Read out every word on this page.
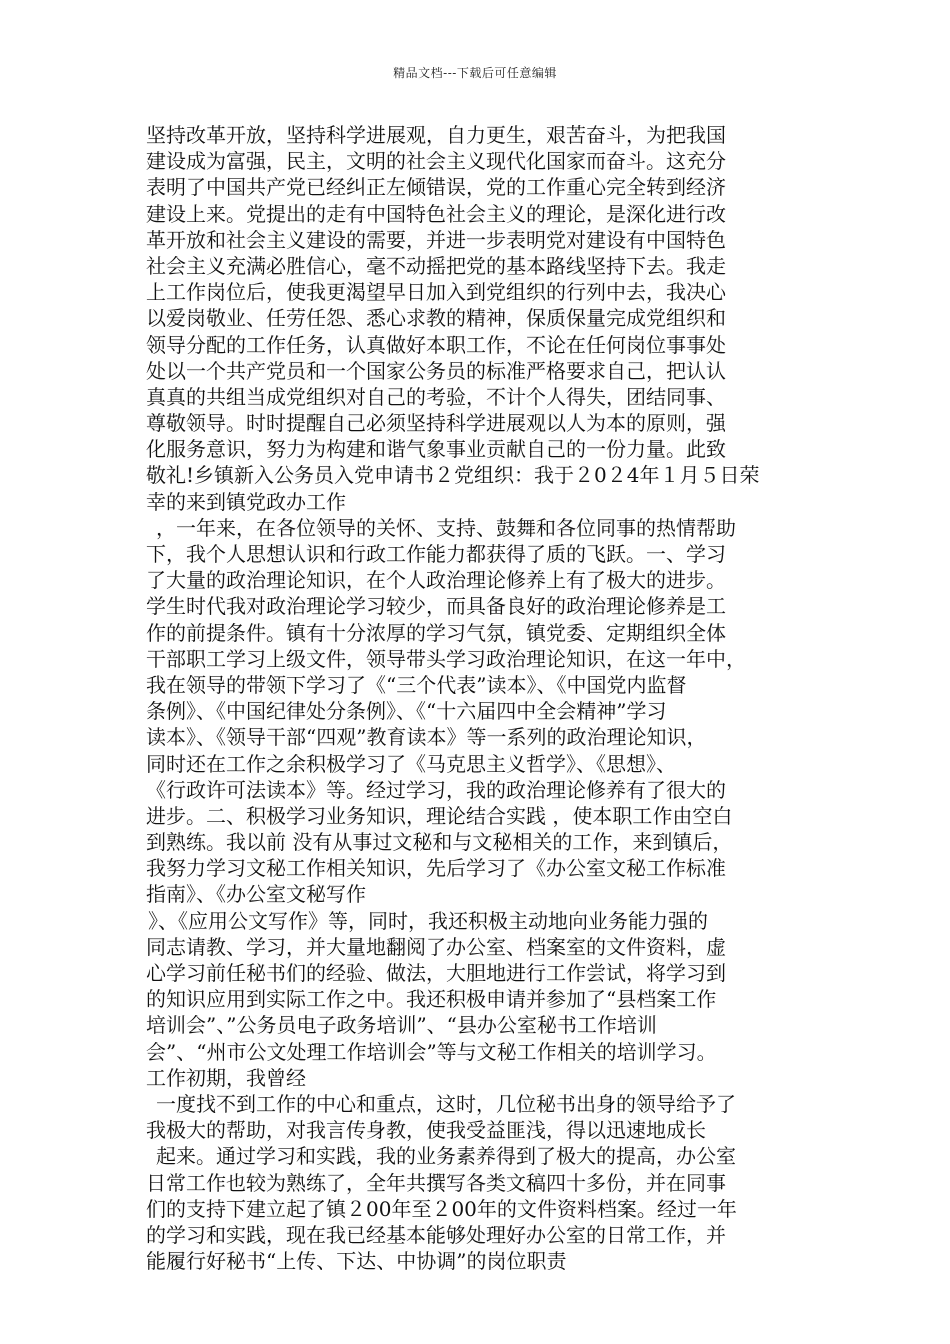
精品文档---下载后可任意编辑
坚持改革开放，坚持科学进展观，自力更生，艰苦奋斗，为把我国
建设成为富强，民主，文明的社会主义现代化国家而奋斗。这充分
表明了中国共产党已经纠正左倾错误，党的工作重心完全转到经济
建设上来。党提出的走有中国特色社会主义的理论，是深化进行改
革开放和社会主义建设的需要，并进一步表明党对建设有中国特色
社会主义充满必胜信心，毫不动摇把党的基本路线坚持下去。我走
上工作岗位后，使我更渴望早日加入到党组织的行列中去，我决心
以爱岗敬业、任劳任怨、悉心求教的精神，保质保量完成党组织和
领导分配的工作任务，认真做好本职工作，不论在任何岗位事事处
处以一个共产党员和一个国家公务员的标准严格要求自己，把认认
真真的共组当成党组织对自己的考验，不计个人得失，团结同事、
尊敬领导。时时提醒自己必须坚持科学进展观以人为本的原则，强
化服务意识，努力为构建和谐气象事业贡献自己的一份力量。此致
敬礼!乡镇新入公务员入党申请书２党组织：我于２0２4年１月５日荣
幸的来到镇党政办工作
，一年来，在各位领导的关怀、支持、鼓舞和各位同事的热情帮助
下，我个人思想认识和行政工作能力都获得了质的飞跃。一、学习
了大量的政治理论知识，在个人政治理论修养上有了极大的进步。
学生时代我对政治理论学习较少，而具备良好的政治理论修养是工
作的前提条件。镇有十分浓厚的学习气氛，镇党委、定期组织全体
干部职工学习上级文件，领导带头学习政治理论知识，在这一年中，
我在领导的带领下学习了《“三个代表”读本》、《中国党内监督
条例》、《中国纪律处分条例》、《“十六届四中全会精神”学习
读本》、《领导干部“四观”教育读本》等一系列的政治理论知识，
同时还在工作之余积极学习了《马克思主义哲学》、《思想》、
《行政许可法读本》等。经过学习，我的政治理论修养有了很大的
进步。二、积极学习业务知识，理论结合实践 ，使本职工作由空白
到熟练。我以前 没有从事过文秘和与文秘相关的工作，来到镇后，
我努力学习文秘工作相关知识，先后学习了《办公室文秘工作标准
指南》、《办公室文秘写作
》、《应用公文写作》等，同时，我还积极主动地向业务能力强的
同志请教、学习，并大量地翻阅了办公室、档案室的文件资料，虚
心学习前任秘书们的经验、做法，大胆地进行工作尝试，将学习到
的知识应用到实际工作之中。我还积极申请并参加了“县档案工作
培训会”、”公务员电子政务培训”、“县办公室秘书工作培训
会”、“州市公文处理工作培训会”等与文秘工作相关的培训学习。
工作初期，我曾经
一度找不到工作的中心和重点，这时，几位秘书出身的领导给予了
我极大的帮助，对我言传身教，使我受益匪浅，得以迅速地成长
起来。通过学习和实践，我的业务素养得到了极大的提高，办公室
日常工作也较为熟练了，全年共撰写各类文稿四十多份，并在同事
们的支持下建立起了镇２00年至２00年的文件资料档案。经过一年
的学习和实践，现在我已经基本能够处理好办公室的日常工作，并
能履行好秘书“上传、下达、中协调”的岗位职责
